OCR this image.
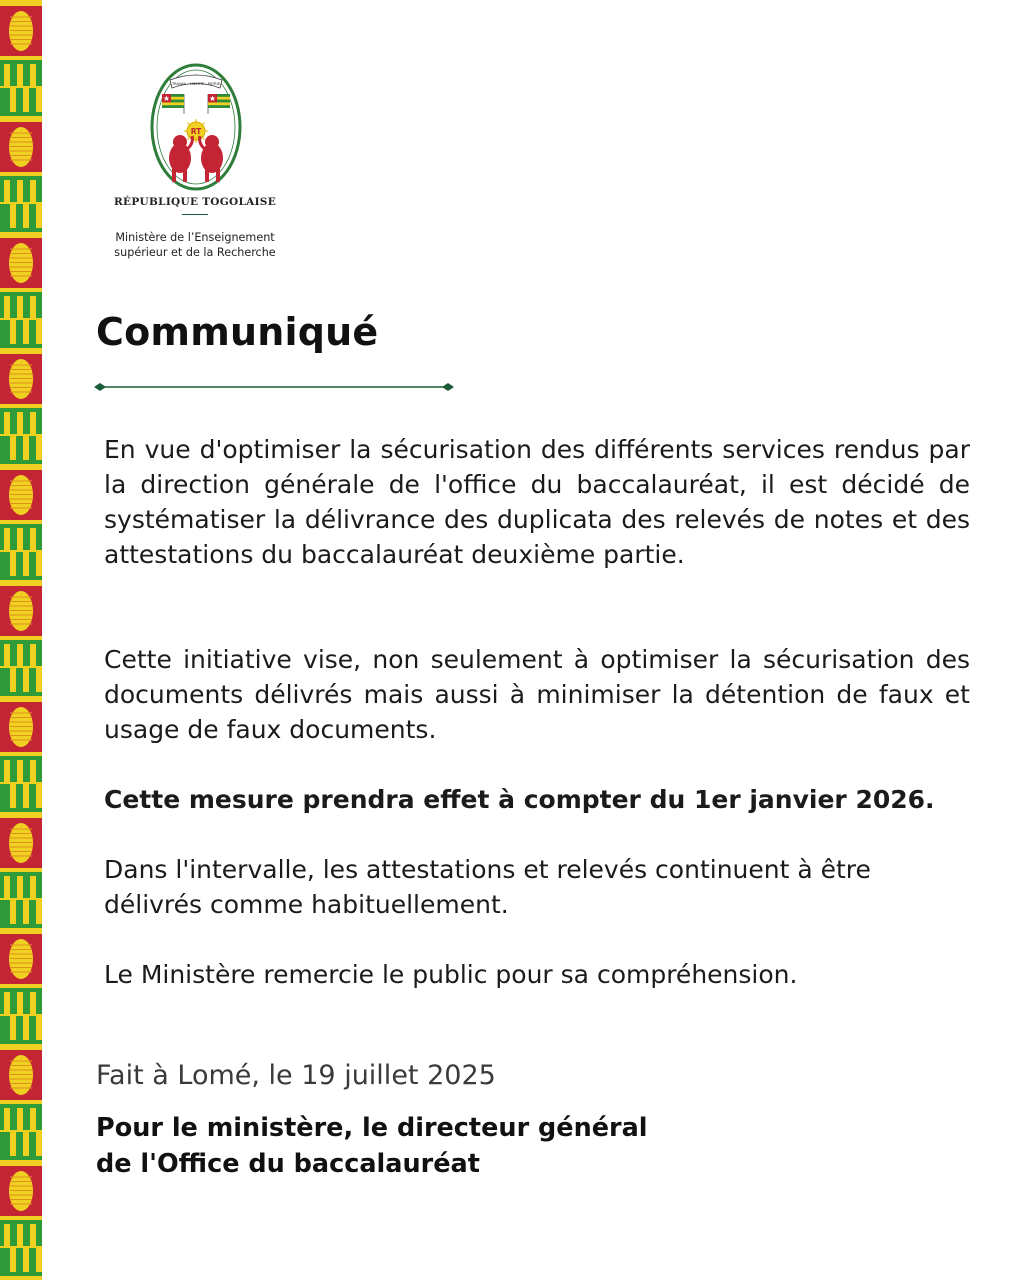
TRAVAIL · LIBERTÉ · PATRIE
RT
RÉPUBLIQUE TOGOLAISE
Ministère de l’Enseignement
supérieur et de la Recherche
Communiqué

En vue d'optimiser la sécurisation des différents services rendus par la direction générale de l'office du baccalauréat, il est décidé de systématiser la délivrance des duplicata des relevés de notes et des attestations du baccalauréat deuxième partie.

Cette initiative vise, non seulement à optimiser la sécurisation des documents délivrés mais aussi à minimiser la détention de faux et usage de faux documents.

Cette mesure prendra effet à compter du 1er janvier 2026.

Dans l'intervalle, les attestations et relevés continuent à être délivrés comme habituellement.

Le Ministère remercie le public pour sa compréhension.

Fait à Lomé, le 19 juillet 2025

Pour le ministère, le directeur général
de l'Office du baccalauréat
